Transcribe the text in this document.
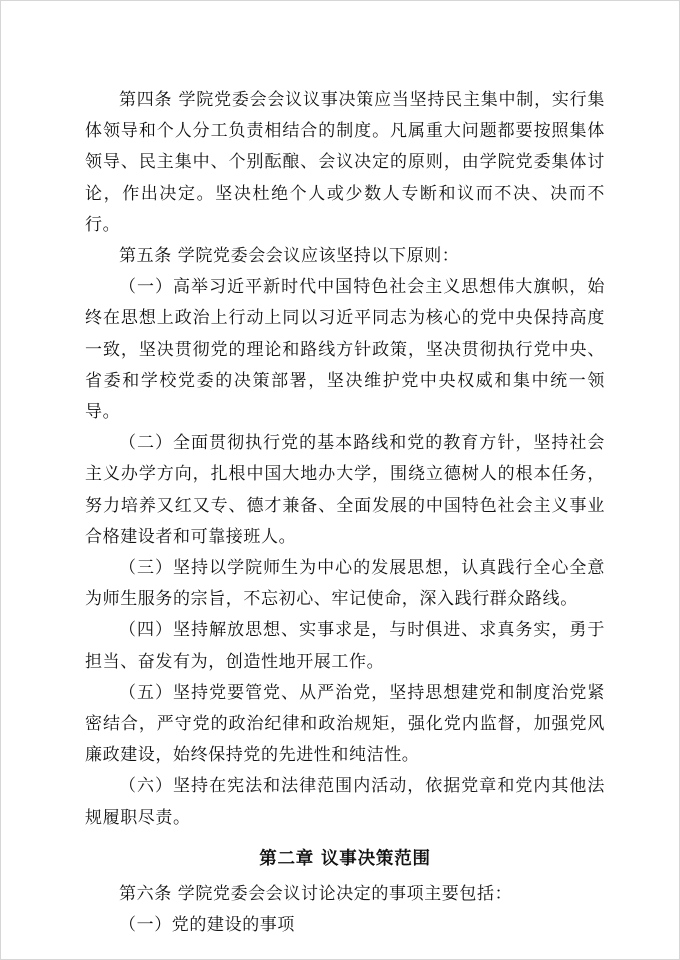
第四条 学院党委会会议议事决策应当坚持民主集中制，实行集体领导和个人分工负责相结合的制度。凡属重大问题都要按照集体领导、民主集中、个别酝酿、会议决定的原则，由学院党委集体讨论，作出决定。坚决杜绝个人或少数人专断和议而不决、决而不行。

第五条 学院党委会会议应该坚持以下原则：

（一）高举习近平新时代中国特色社会主义思想伟大旗帜，始终在思想上政治上行动上同以习近平同志为核心的党中央保持高度一致，坚决贯彻党的理论和路线方针政策，坚决贯彻执行党中央、省委和学校党委的决策部署，坚决维护党中央权威和集中统一领导。

（二）全面贯彻执行党的基本路线和党的教育方针，坚持社会主义办学方向，扎根中国大地办大学，围绕立德树人的根本任务，努力培养又红又专、德才兼备、全面发展的中国特色社会主义事业合格建设者和可靠接班人。

（三）坚持以学院师生为中心的发展思想，认真践行全心全意为师生服务的宗旨，不忘初心、牢记使命，深入践行群众路线。

（四）坚持解放思想、实事求是，与时俱进、求真务实，勇于担当、奋发有为，创造性地开展工作。

（五）坚持党要管党、从严治党，坚持思想建党和制度治党紧密结合，严守党的政治纪律和政治规矩，强化党内监督，加强党风廉政建设，始终保持党的先进性和纯洁性。

（六）坚持在宪法和法律范围内活动，依据党章和党内其他法规履职尽责。

第二章 议事决策范围

第六条 学院党委会会议讨论决定的事项主要包括：

（一）党的建设的事项
